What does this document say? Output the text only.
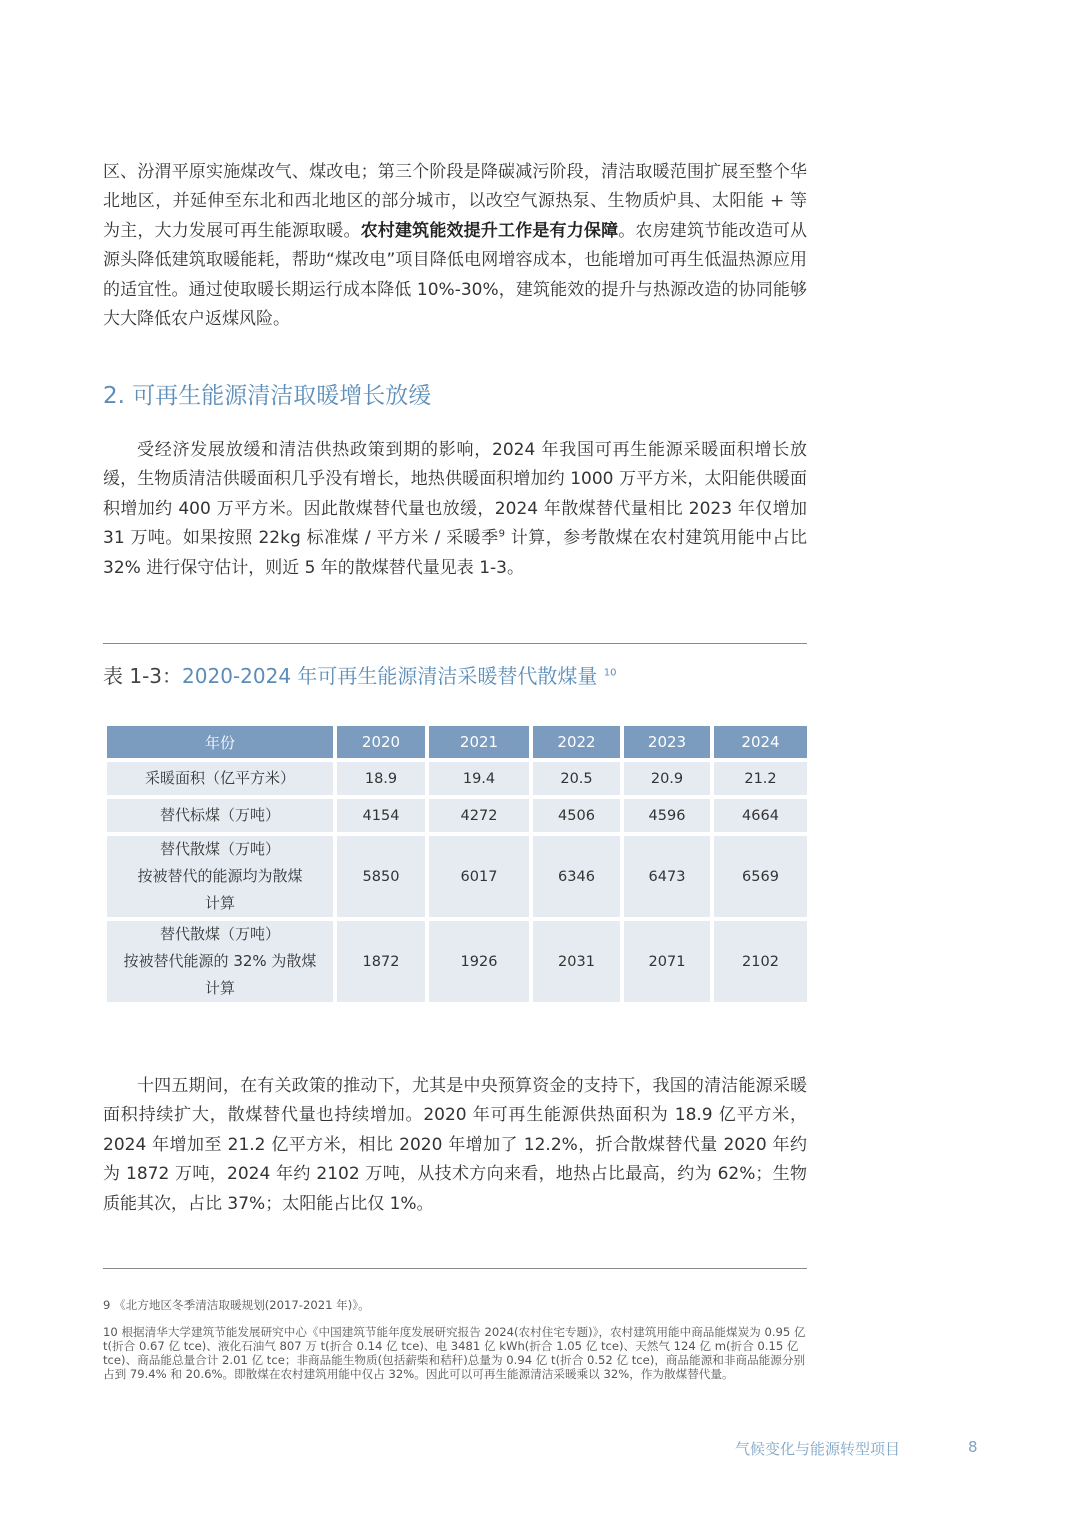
区、汾渭平原实施煤改气、煤改电；第三个阶段是降碳减污阶段，清洁取暖范围扩展至整个华北地区，并延伸至东北和西北地区的部分城市，以改空气源热泵、生物质炉具、太阳能 + 等为主，大力发展可再生能源取暖。农村建筑能效提升工作是有力保障。农房建筑节能改造可从源头降低建筑取暖能耗，帮助“煤改电”项目降低电网增容成本，也能增加可再生低温热源应用的适宜性。通过使取暖长期运行成本降低 10%-30%，建筑能效的提升与热源改造的协同能够大大降低农户返煤风险。

2. 可再生能源清洁取暖增长放缓

受经济发展放缓和清洁供热政策到期的影响，2024 年我国可再生能源采暖面积增长放缓，生物质清洁供暖面积几乎没有增长，地热供暖面积增加约 1000 万平方米，太阳能供暖面积增加约 400 万平方米。因此散煤替代量也放缓，2024 年散煤替代量相比 2023 年仅增加 31 万吨。如果按照 22kg 标准煤 / 平方米 / 采暖季$^9$ 计算，参考散煤在农村建筑用能中占比 32% 进行保守估计，则近 5 年的散煤替代量见表 1-3。

表 1-3：2020-2024 年可再生能源清洁采暖替代散煤量 $^{10}$

年份	2020	2021	2022	2023	2024
采暖面积（亿平方米）	18.9	19.4	20.5	20.9	21.2
替代标煤（万吨）	4154	4272	4506	4596	4664

替代散煤（万吨）
按被替代的能源均为散煤
计算	5850	6017	6346	6473	6569

替代散煤（万吨）
按被替代能源的 32% 为散煤
计算	1872	1926	2031	2071	2102

十四五期间，在有关政策的推动下，尤其是中央预算资金的支持下，我国的清洁能源采暖面积持续扩大，散煤替代量也持续增加。2020 年可再生能源供热面积为 18.9 亿平方米，2024 年增加至 21.2 亿平方米，相比 2020 年增加了 12.2%，折合散煤替代量 2020 年约为 1872 万吨，2024 年约 2102 万吨，从技术方向来看，地热占比最高，约为 62%；生物质能其次，占比 37%；太阳能占比仅 1%。

9 《北方地区冬季清洁取暖规划(2017-2021 年)》。

10 根据清华大学建筑节能发展研究中心《中国建筑节能年度发展研究报告 2024(农村住宅专题)》，农村建筑用能中商品能煤炭为 0.95 亿 t(折合 0.67 亿 tce)、液化石油气 807 万 t(折合 0.14 亿 tce)、电 3481 亿 kWh(折合 1.05 亿 tce)、天然气 124 亿 m(折合 0.15 亿 tce)、商品能总量合计 2.01 亿 tce；非商品能生物质(包括薪柴和秸秆)总量为 0.94 亿 t(折合 0.52 亿 tce)，商品能源和非商品能源分别占到 79.4% 和 20.6%。即散煤在农村建筑用能中仅占 32%。因此可以可再生能源清洁采暖乘以 32%，作为散煤替代量。

气候变化与能源转型项目	8
